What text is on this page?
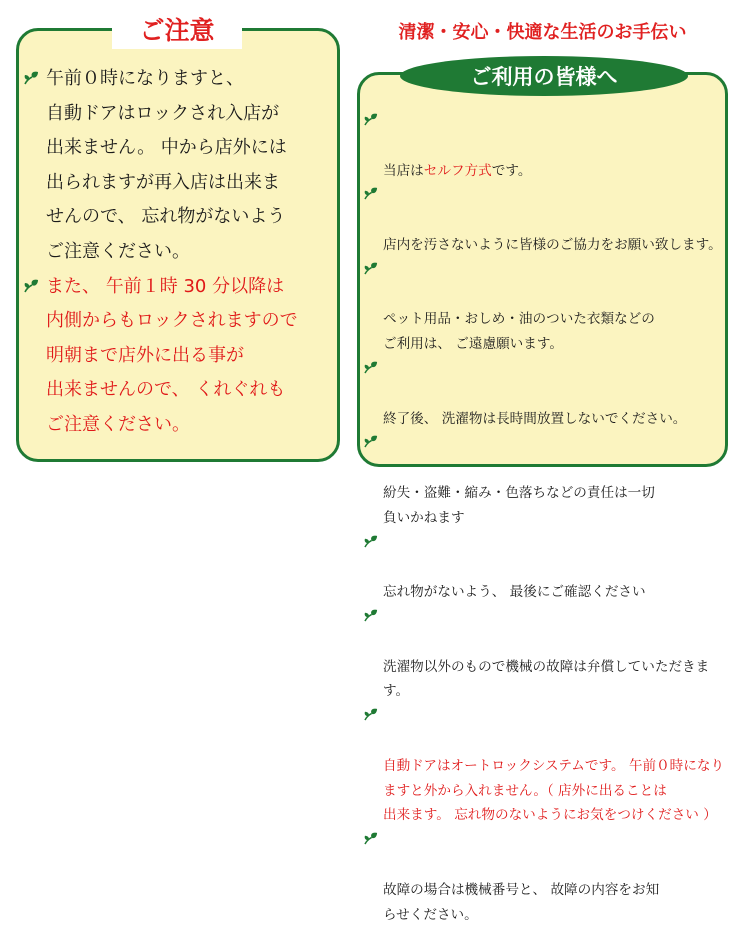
ご注意
午前０時になりますと、
自動ドアはロックされ入店が
出来ません。 中から店外には
出られますが再入店は出来ま
せんので、 忘れ物がないよう
ご注意ください。
また、 午前１時 30 分以降は
内側からもロックされますので
明朝まで店外に出る事が
出来ませんので、 くれぐれも
ご注意ください。
清潔・安心・快適な生活のお手伝い
ご利用の皆様へ

当店はセルフ方式です。

店内を汚さないように皆様のご協力をお願い致します。

ペット用品・おしめ・油のついた衣類などの
ご利用は、 ご遠慮願います。

終了後、 洗濯物は長時間放置しないでください。

紛失・盗難・縮み・色落ちなどの責任は一切
負いかねます

忘れ物がないよう、 最後にご確認ください

洗濯物以外のもので機械の故障は弁償していただきます。

自動ドアはオートロックシステムです。 午前０時になり
ますと外から入れません。（ 店外に出ることは
出来ます。 忘れ物のないようにお気をつけください ）

故障の場合は機械番号と、 故障の内容をお知
らせください。
